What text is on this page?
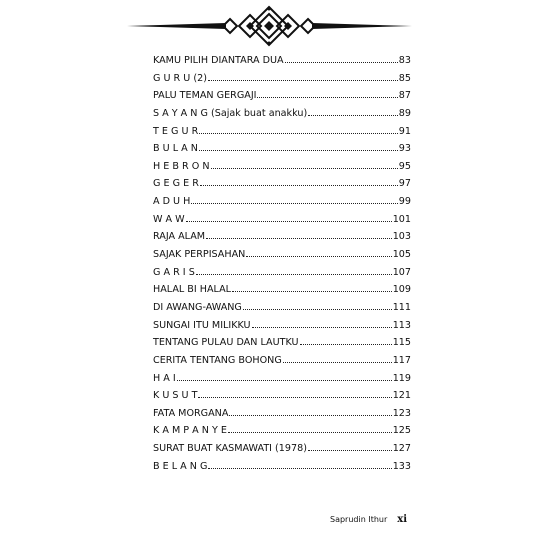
KAMU PILIH DIANTARA DUA	83
G U R U (2)	85
PALU TEMAN GERGAJI	87
S A Y A N G (Sajak buat anakku)	89
T E G U R	91
B U L A N	93
H E B R O N	95
G E G E R	97
A D U H	99
W A W	101
RAJA ALAM	103
SAJAK PERPISAHAN	105
G A R I S	107
HALAL BI HALAL	109
DI AWANG-AWANG	111
SUNGAI ITU MILIKKU	113
TENTANG PULAU DAN LAUTKU	115
CERITA TENTANG BOHONG	117
H A I	119
K U S U T	121
FATA MORGANA	123
K A M P A N Y E	125
SURAT BUAT KASMAWATI (1978)	127
B E L A N G	133
Saprudin Ithur xi
